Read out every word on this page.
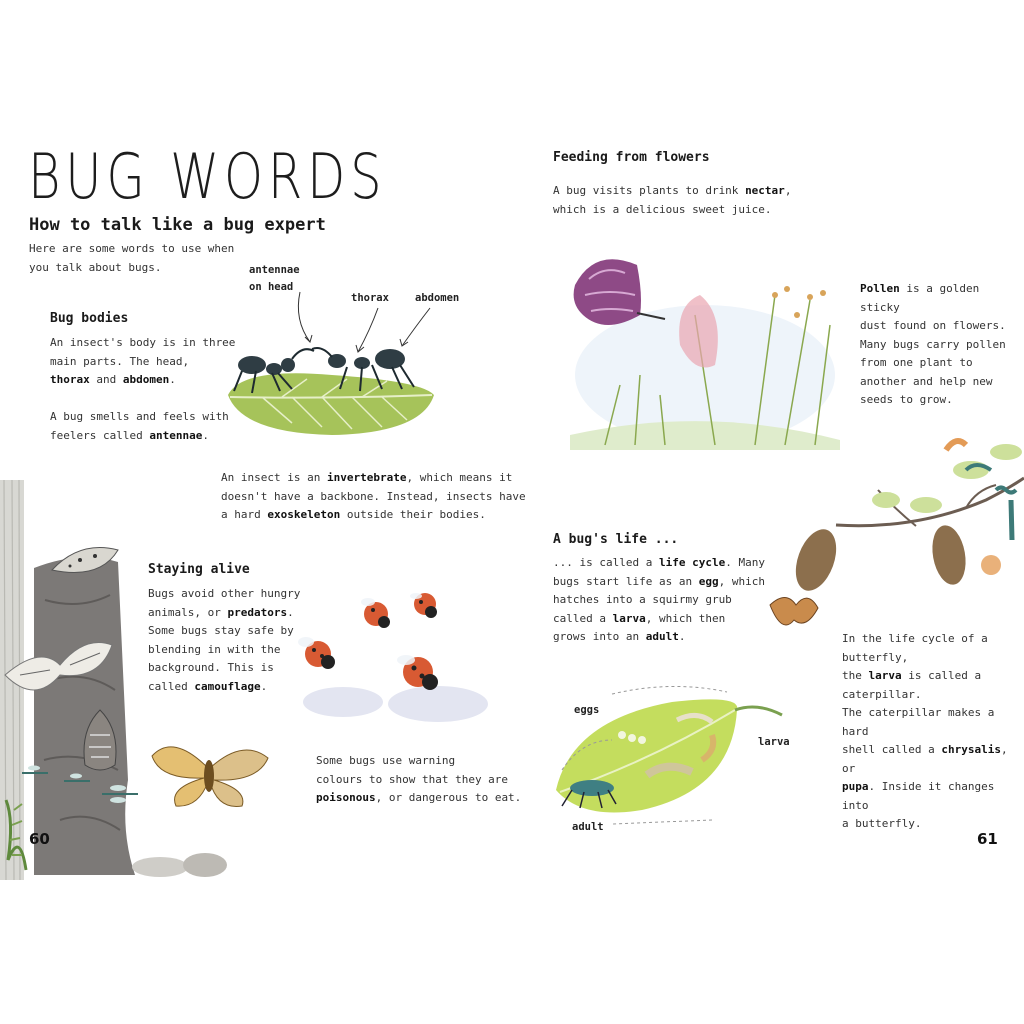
BUG WORDS
How to talk like a bug expert
Here are some words to use when
you talk about bugs.
Bug bodies
An insect's body is in three
main parts. The head,
thorax and abdomen.
A bug smells and feels with
feelers called antennae.
antennae
on head
thorax abdomen
An insect is an invertebrate, which means it
doesn't have a backbone. Instead, insects have
a hard exoskeleton outside their bodies.
Staying alive
Bugs avoid other hungry
animals, or predators.
Some bugs stay safe by
blending in with the
background. This is
called camouflage.
Some bugs use warning
colours to show that they are
poisonous, or dangerous to eat.
60
Feeding from flowers
A bug visits plants to drink nectar,
which is a delicious sweet juice.
Pollen is a golden sticky
dust found on flowers.
Many bugs carry pollen
from one plant to
another and help new
seeds to grow.
A bug's life ...
... is called a life cycle. Many
bugs start life as an egg, which
hatches into a squirmy grub
called a larva, which then
grows into an adult.
eggs
larva
adult
In the life cycle of a butterfly,
the larva is called a caterpillar.
The caterpillar makes a hard
shell called a chrysalis, or
pupa. Inside it changes into
a butterfly.
61
